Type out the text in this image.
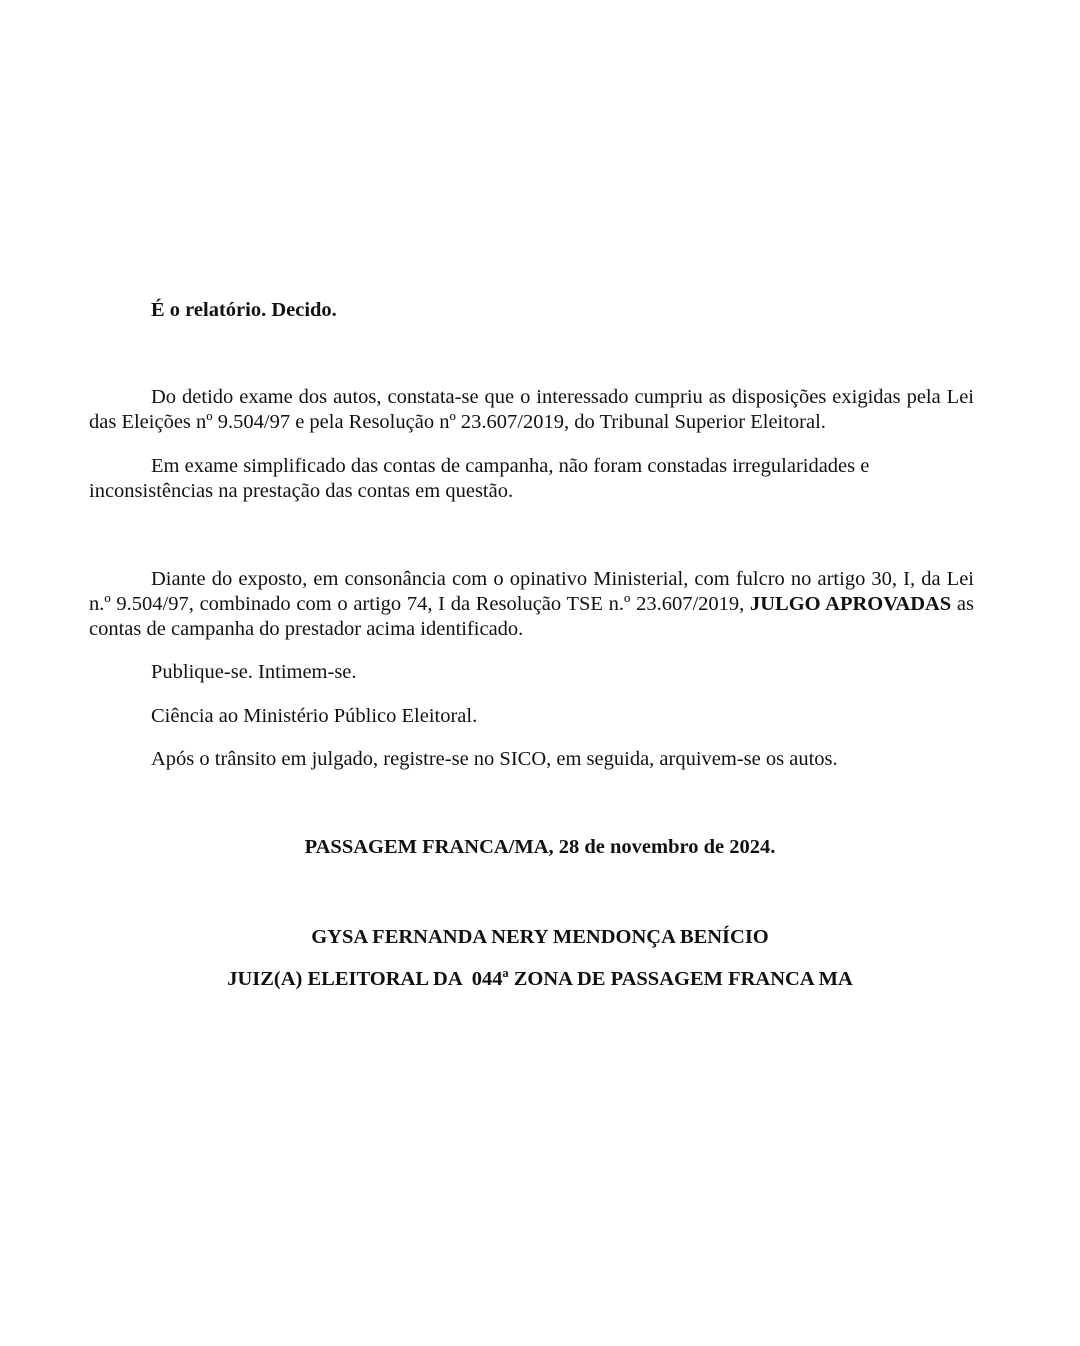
É o relatório. Decido.

Do detido exame dos autos, constata-se que o interessado cumpriu as disposições exigidas pela Lei

das Eleições nº 9.504/97 e pela Resolução nº 23.607/2019, do Tribunal Superior Eleitoral.

Em exame simplificado das contas de campanha, não foram constadas irregularidades e

inconsistências na prestação das contas em questão.

Diante do exposto, em consonância com o opinativo Ministerial, com fulcro no artigo 30, I, da Lei

n.º 9.504/97, combinado com o artigo 74, I da Resolução TSE n.º 23.607/2019, JULGO APROVADAS as

contas de campanha do prestador acima identificado.

Publique-se. Intimem-se.

Ciência ao Ministério Público Eleitoral.

Após o trânsito em julgado, registre-se no SICO, em seguida, arquivem-se os autos.

PASSAGEM FRANCA/MA, 28 de novembro de 2024.

GYSA FERNANDA NERY MENDONÇA BENÍCIO

JUIZ(A) ELEITORAL DA  044ª ZONA DE PASSAGEM FRANCA MA
